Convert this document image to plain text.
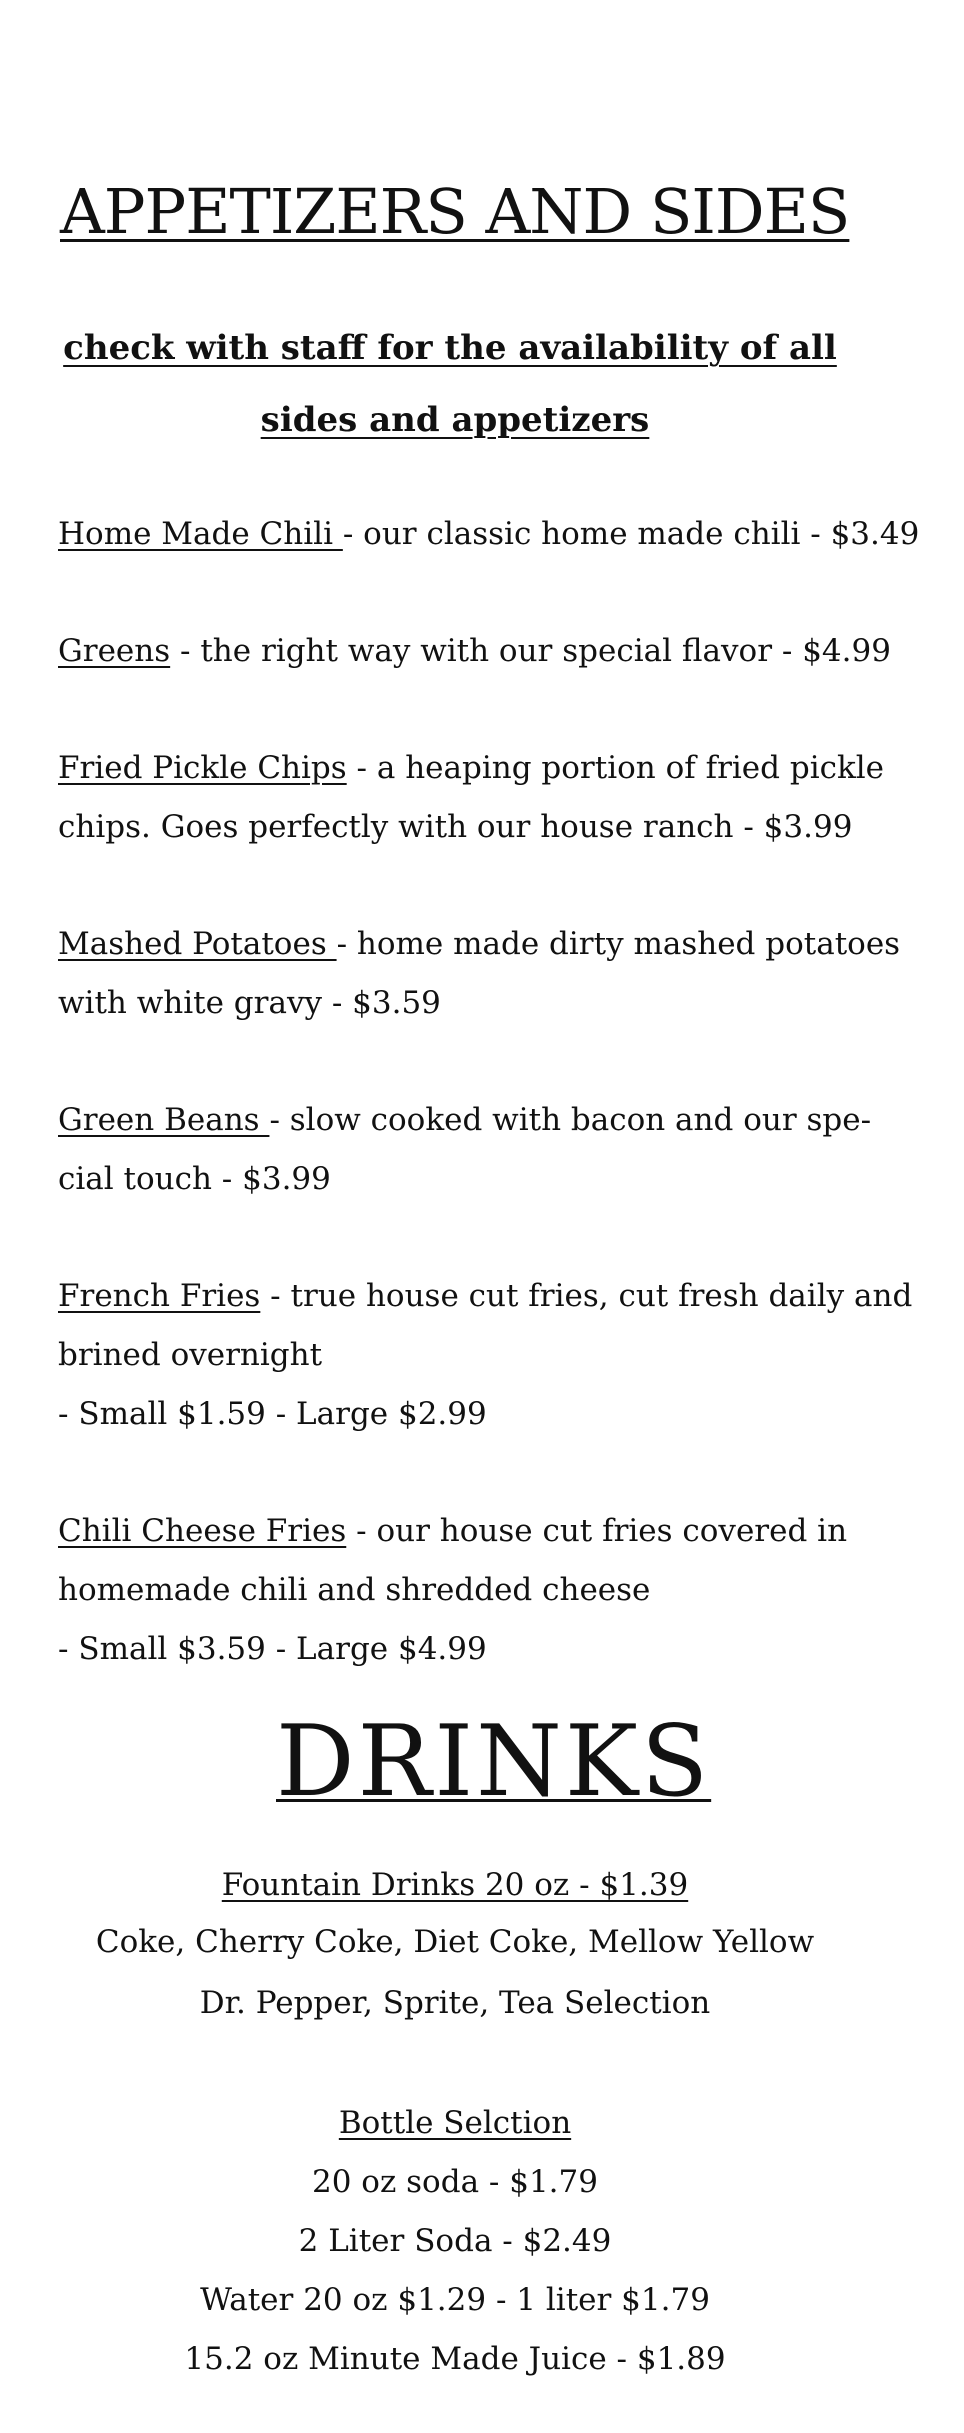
APPETIZERS AND SIDES
check with staff for the availability of all
sides and appetizers

Home Made Chili - our classic home made chili - $3.49

Greens - the right way with our special flavor - $4.99

Fried Pickle Chips - a heaping portion of fried pickle
chips. Goes perfectly with our house ranch - $3.99

Mashed Potatoes - home made dirty mashed potatoes
with white gravy - $3.59

Green Beans - slow cooked with bacon and our spe-
cial touch - $3.99

French Fries - true house cut fries, cut fresh daily and
brined overnight
- Small $1.59 - Large $2.99

Chili Cheese Fries - our house cut fries covered in
homemade chili and shredded cheese
- Small $3.59 - Large $4.99

DRINKS
Fountain Drinks 20 oz - $1.39
Coke, Cherry Coke, Diet Coke, Mellow Yellow
Dr. Pepper, Sprite, Tea Selection
Bottle Selction
20 oz soda - $1.79
2 Liter Soda - $2.49
Water 20 oz $1.29 - 1 liter $1.79
15.2 oz Minute Made Juice - $1.89
